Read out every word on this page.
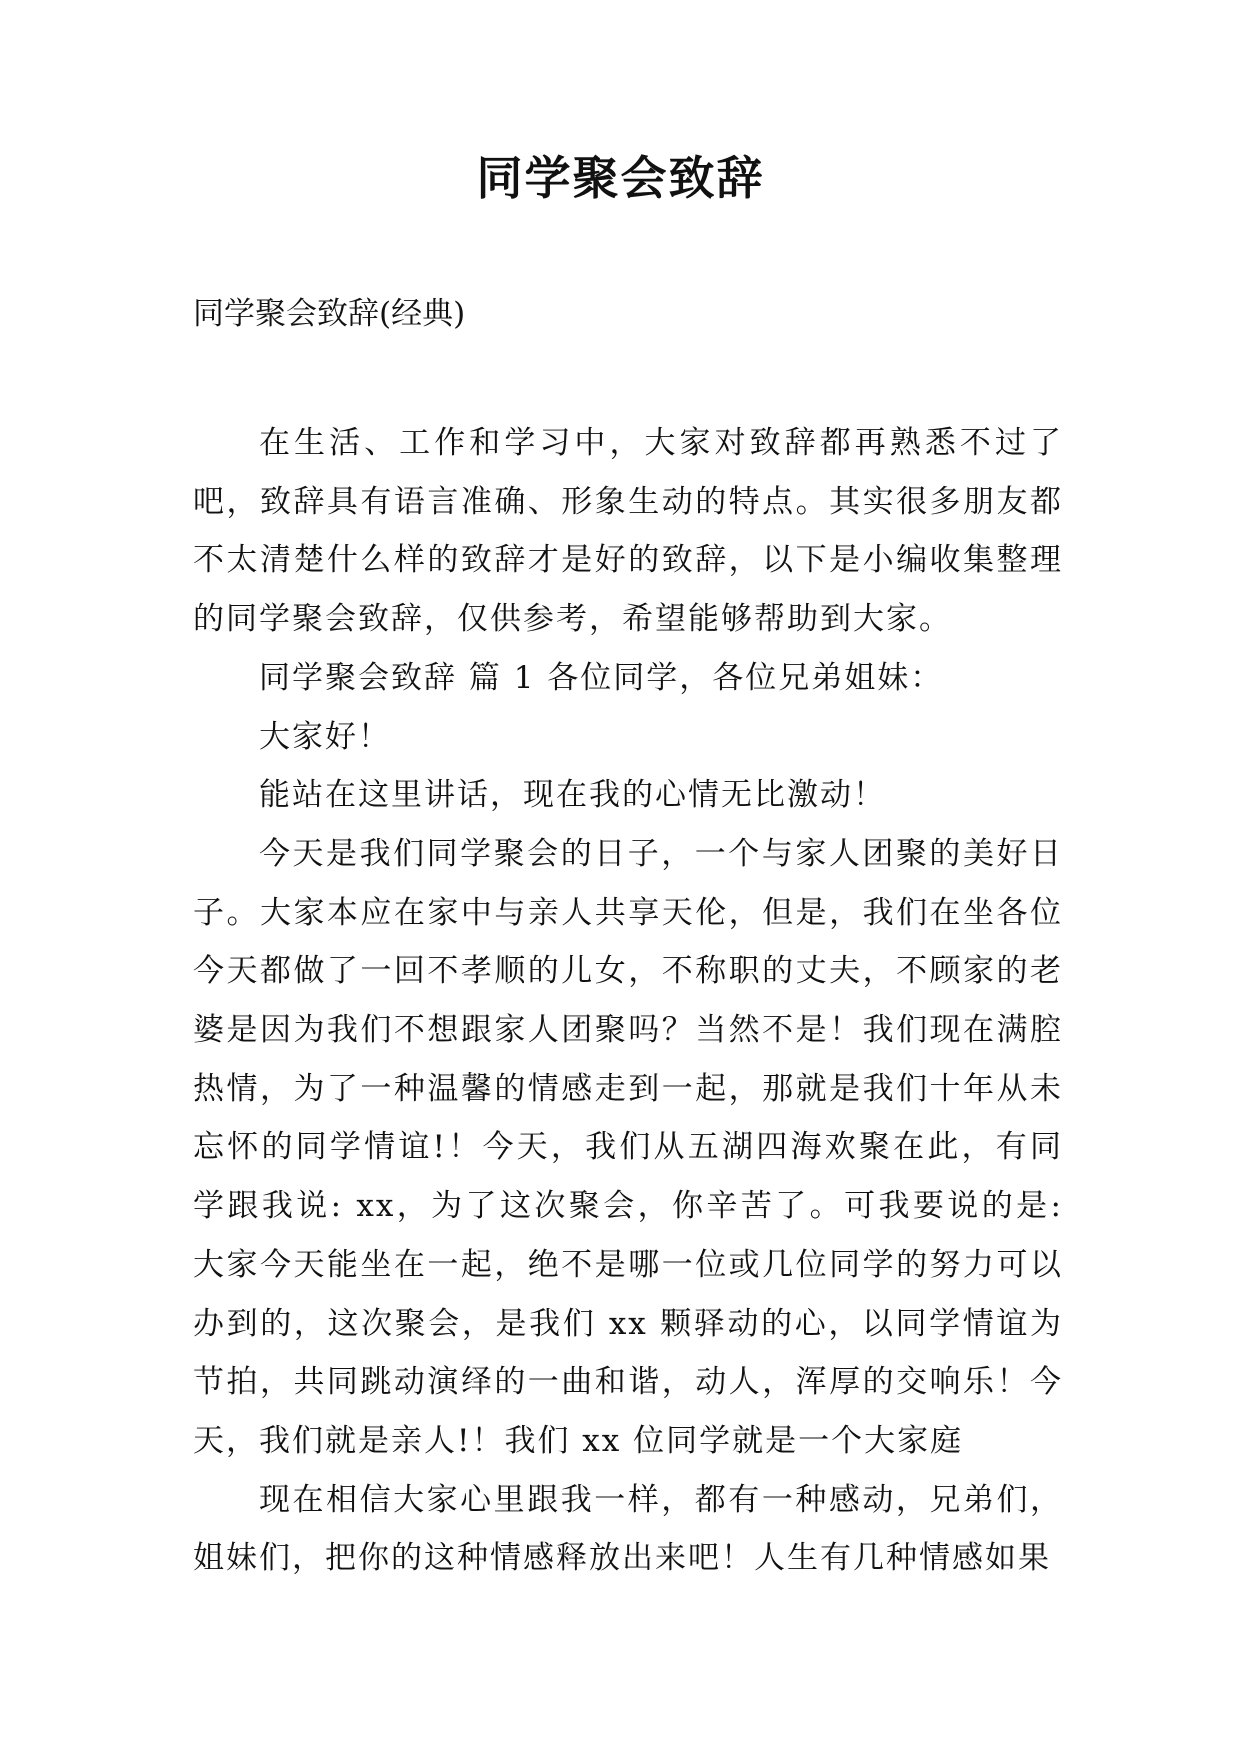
同学聚会致辞
同学聚会致辞(经典)

在生活、工作和学习中，大家对致辞都再熟悉不过了吧，致辞具有语言准确、形象生动的特点。其实很多朋友都不太清楚什么样的致辞才是好的致辞，以下是小编收集整理的同学聚会致辞，仅供参考，希望能够帮助到大家。

同学聚会致辞 篇 1 各位同学，各位兄弟姐妹：

大家好！

能站在这里讲话，现在我的心情无比激动！

今天是我们同学聚会的日子，一个与家人团聚的美好日子。大家本应在家中与亲人共享天伦，但是，我们在坐各位今天都做了一回不孝顺的儿女，不称职的丈夫，不顾家的老婆是因为我们不想跟家人团聚吗？当然不是！我们现在满腔热情，为了一种温馨的情感走到一起，那就是我们十年从未忘怀的同学情谊!！今天，我们从五湖四海欢聚在此，有同学跟我说: xx，为了这次聚会，你辛苦了。可我要说的是: 大家今天能坐在一起，绝不是哪一位或几位同学的努力可以办到的，这次聚会，是我们 xx 颗驿动的心，以同学情谊为节拍，共同跳动演绎的一曲和谐，动人，浑厚的交响乐！今天，我们就是亲人!！我们 xx 位同学就是一个大家庭

现在相信大家心里跟我一样，都有一种感动，兄弟们，姐妹们，把你的这种情感释放出来吧！人生有几种情感如果
